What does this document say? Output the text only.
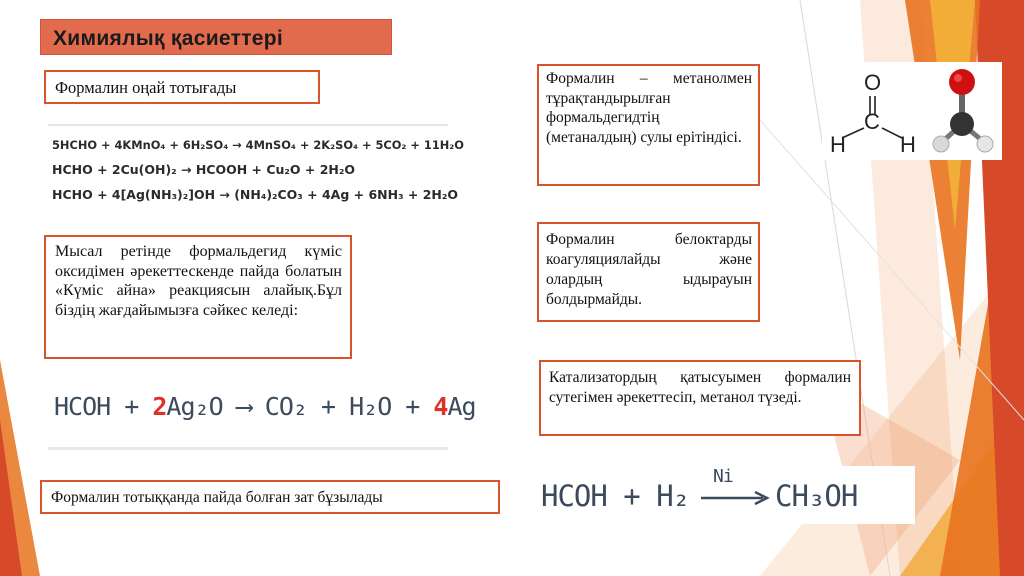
Химиялық қасиеттері
Формалин оңай тотығады
5HCHO + 4KMnO₄ + 6H₂SO₄ → 4MnSO₄ + 2K₂SO₄ + 5CO₂ + 11H₂O
HCHO + 2Cu(OH)₂ → HCOOH + Cu₂O + 2H₂O
HCHO + 4[Ag(NH₃)₂]OH → (NH₄)₂CO₃ + 4Ag + 6NH₃ + 2H₂O
Мысал ретінде формальдегид күміс оксидімен әрекеттескенде пайда болатын «Күміс айна» реакциясын алайық.Бұл біздің жағдайымызға сәйкес келеді:
HCOH + 2Ag₂O ⟶ CO₂ + H₂O + 4Ag
Формалин тотыққанда пайда болған зат бұзылады
Формалин – метанолмен тұрақтандырылған формальдегидтің (метаналдың) сулы ерітіндісі.
Формалин белоктарды коагуляциялайды және олардың ыдырауын болдырмайды.
Катализатордың қатысуымен формалин сутегімен әрекеттесіп, метанол түзеді.
HCOH + H₂
Ni
→ CH₃OH
O
C
H H
